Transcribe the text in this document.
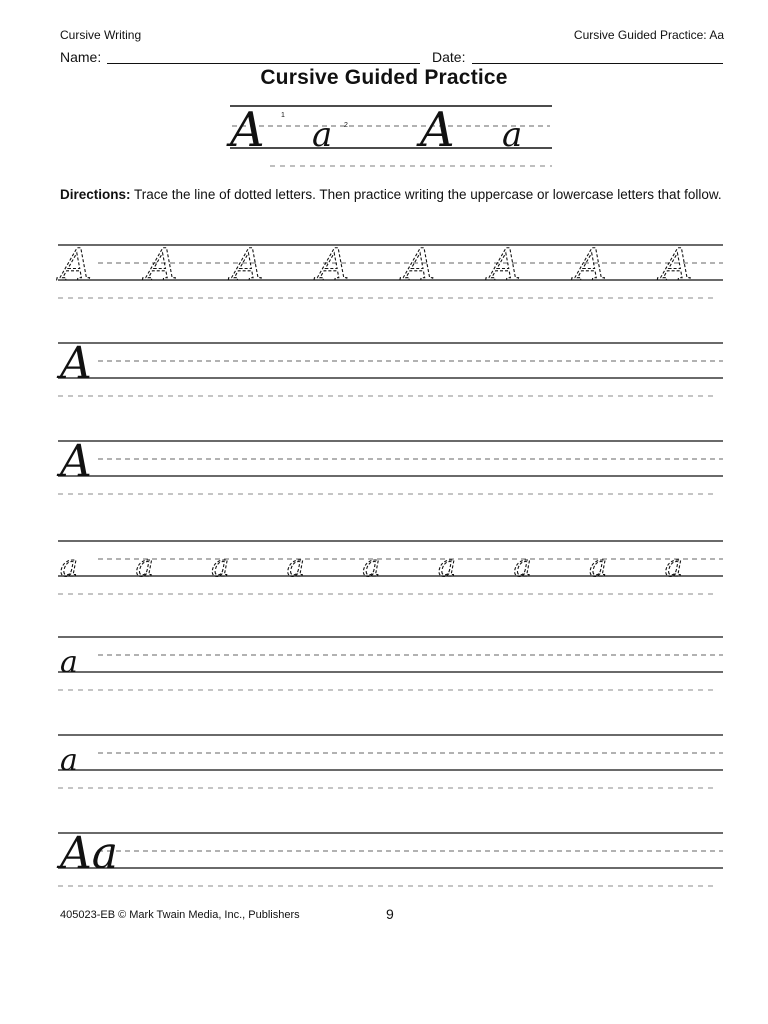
Cursive Writing	Cursive Guided Practice: Aa
Name:	Date:
Cursive Guided Practice
Directions: Trace the line of dotted letters. Then practice writing the uppercase or lowercase letters that follow.
A a A a
1
2
A A A A A A A A
A
A
a a a a a a a a a
a
a
Aa
405023-EB © Mark Twain Media, Inc., Publishers	9
